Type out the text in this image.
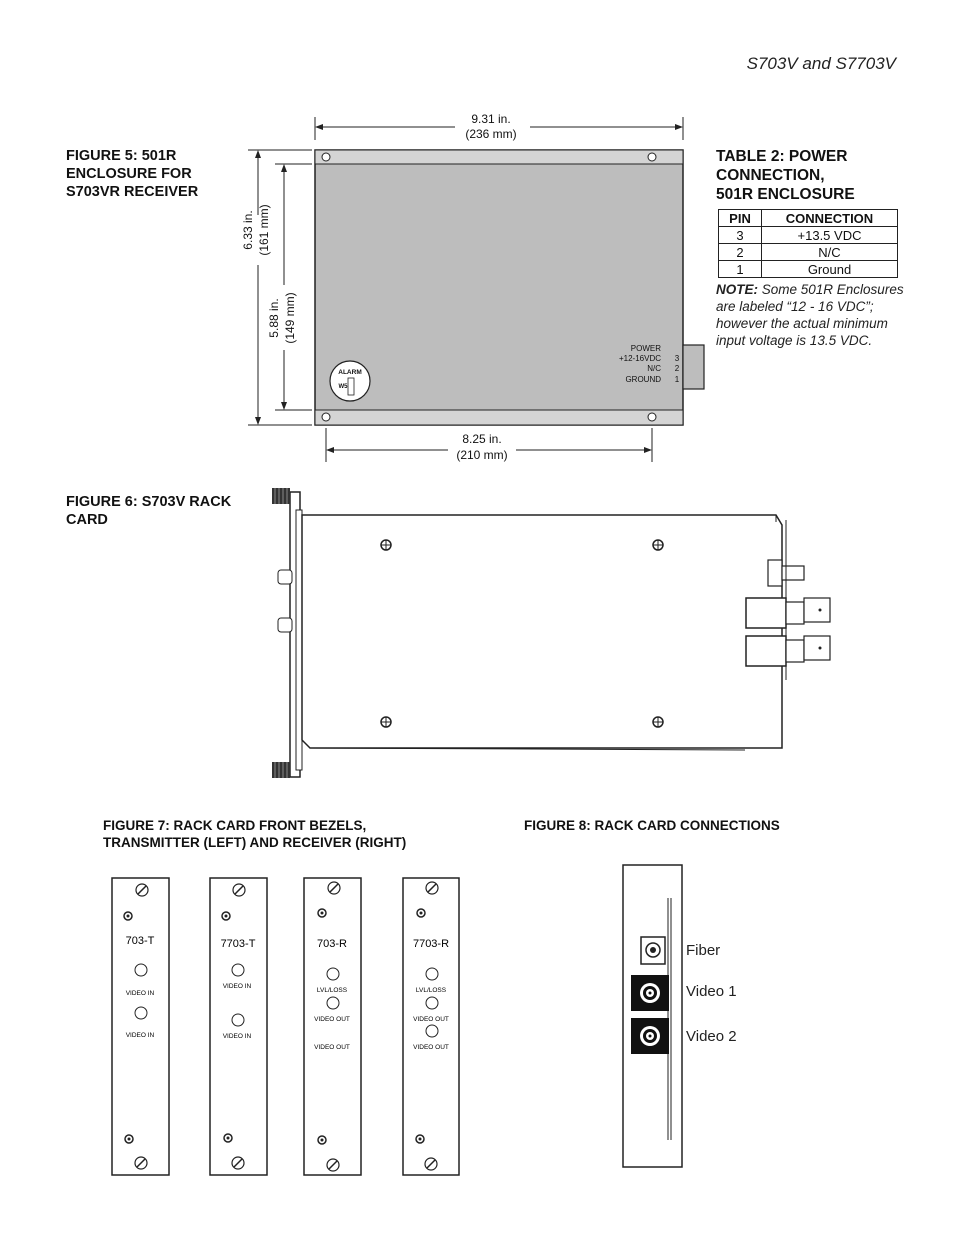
S703V and S7703V
FIGURE 5: 501R
ENCLOSURE FOR
S703VR RECEIVER
9.31 in.
(236 mm)
6.33 in. (161 mm)
5.88 in. (149 mm)
ALARM
W5
POWER
+12-16VDC 3
N/C 2
GROUND 1
8.25 in.
(210 mm)
TABLE 2: POWER
CONNECTION,
501R ENCLOSURE
PIN	CONNECTION
3	+13.5 VDC
2	N/C
1	Ground
NOTE: Some 501R Enclosures are labeled “12 - 16 VDC”; however the actual minimum input voltage is 13.5 VDC.
FIGURE 6: S703V RACK
CARD
FIGURE 7: RACK CARD FRONT BEZELS,
TRANSMITTER (LEFT) AND RECEIVER (RIGHT)
FIGURE 8: RACK CARD CONNECTIONS
703-T
VIDEO IN
VIDEO IN
7703-T
VIDEO IN
VIDEO IN
703-R
LVL/LOSS
VIDEO OUT
VIDEO OUT
7703-R
LVL/LOSS
VIDEO OUT
VIDEO OUT
Fiber
Video 1
Video 2
